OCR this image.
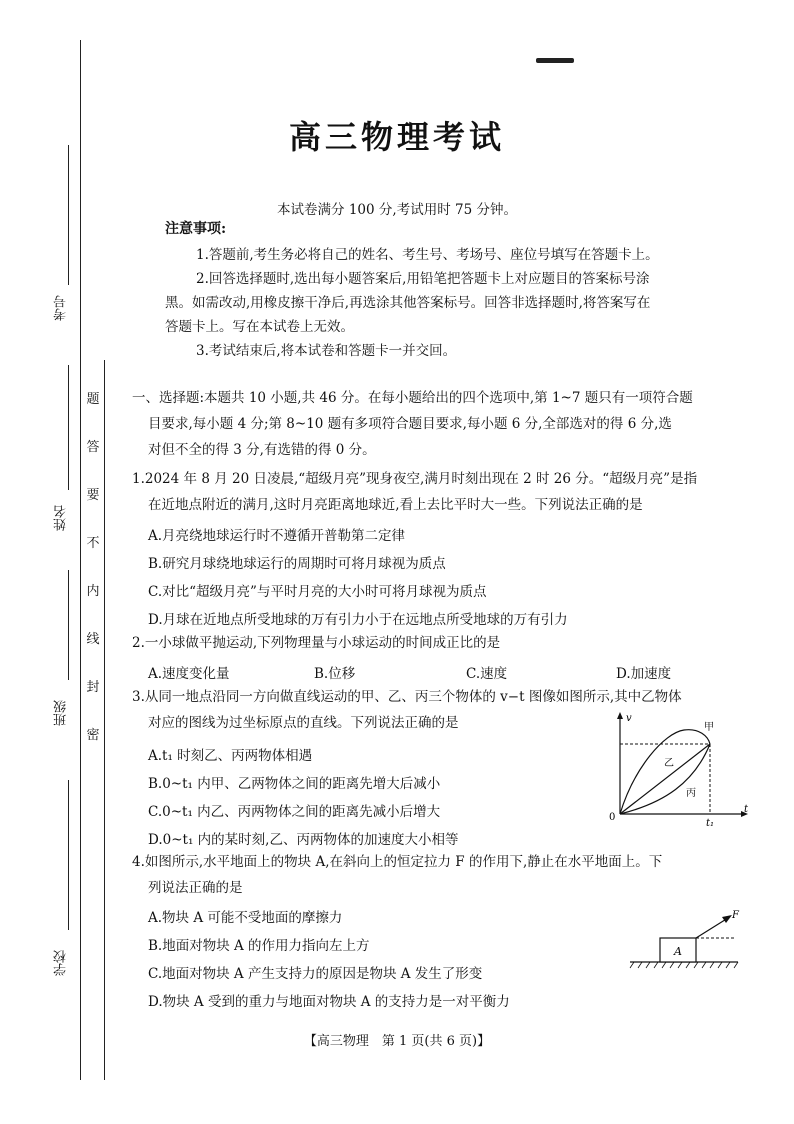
考号
姓名
班级
学校
题
答
要
不
内
线
封
密
高三物理考试
本试卷满分 100 分,考试用时 75 分钟。
注意事项:
1.答题前,考生务必将自己的姓名、考生号、考场号、座位号填写在答题卡上。
2.回答选择题时,选出每小题答案后,用铅笔把答题卡上对应题目的答案标号涂
黑。如需改动,用橡皮擦干净后,再选涂其他答案标号。回答非选择题时,将答案写在
答题卡上。写在本试卷上无效。
3.考试结束后,将本试卷和答题卡一并交回。
一、选择题:本题共 10 小题,共 46 分。在每小题给出的四个选项中,第 1~7 题只有一项符合题
目要求,每小题 4 分;第 8~10 题有多项符合题目要求,每小题 6 分,全部选对的得 6 分,选
对但不全的得 3 分,有选错的得 0 分。
1.2024 年 8 月 20 日凌晨,“超级月亮”现身夜空,满月时刻出现在 2 时 26 分。“超级月亮”是指
在近地点附近的满月,这时月亮距离地球近,看上去比平时大一些。下列说法正确的是
A.月亮绕地球运行时不遵循开普勒第二定律
B.研究月球绕地球运行的周期时可将月球视为质点
C.对比“超级月亮”与平时月亮的大小时可将月球视为质点
D.月球在近地点所受地球的万有引力小于在远地点所受地球的万有引力
2.一小球做平抛运动,下列物理量与小球运动的时间成正比的是
A.速度变化量	B.位移	C.速度	D.加速度
3.从同一地点沿同一方向做直线运动的甲、乙、丙三个物体的 v−t 图像如图所示,其中乙物体
对应的图线为过坐标原点的直线。下列说法正确的是
A.t₁ 时刻乙、丙两物体相遇
B.0~t₁ 内甲、乙两物体之间的距离先增大后减小
C.0~t₁ 内乙、丙两物体之间的距离先减小后增大
D.0~t₁ 内的某时刻,乙、丙两物体的加速度大小相等
v
t
0
t₁
甲
乙
丙
4.如图所示,水平地面上的物块 A,在斜向上的恒定拉力 F 的作用下,静止在水平地面上。下
列说法正确的是
A.物块 A 可能不受地面的摩擦力
B.地面对物块 A 的作用力指向左上方
C.地面对物块 A 产生支持力的原因是物块 A 发生了形变
D.物块 A 受到的重力与地面对物块 A 的支持力是一对平衡力
A
F
【高三物理　第 1 页(共 6 页)】
